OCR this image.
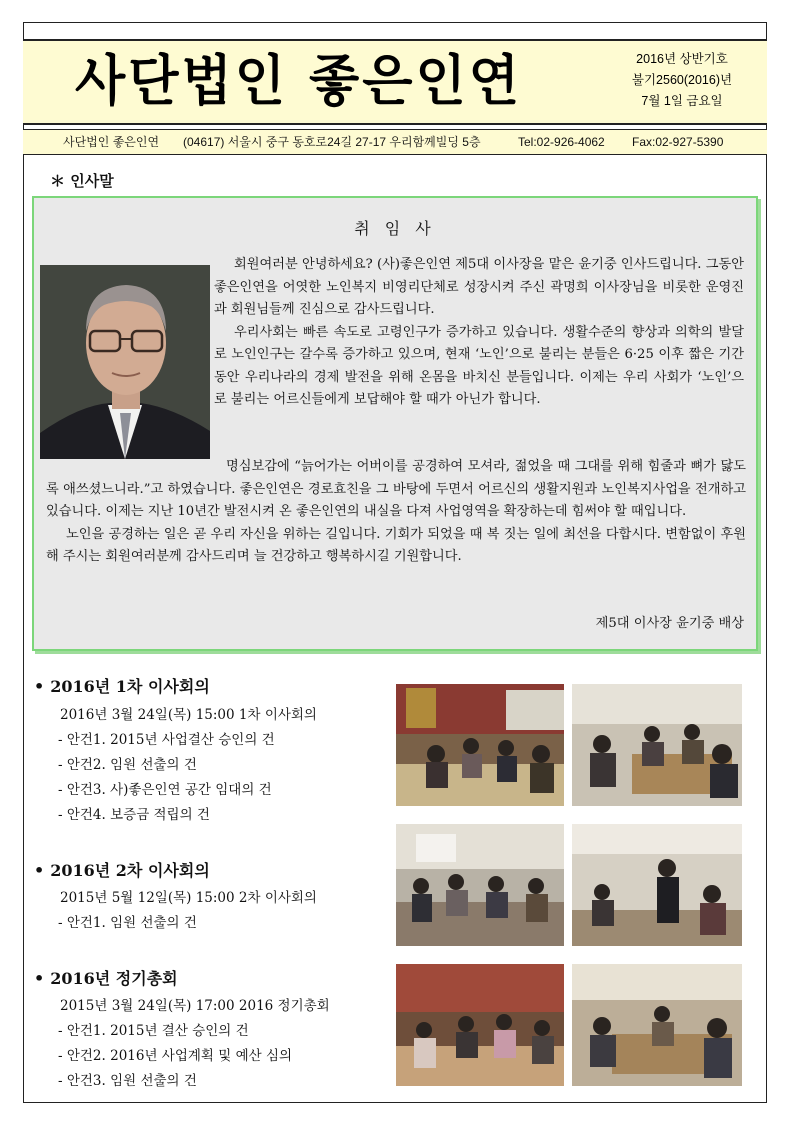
사단법인 좋은인연	2016년 상반기호
불기2560(2016)년
7월 1일 금요일
사단법인 좋은인연 (04617) 서울시 중구 동호로24길 27-17 우리함께빌딩 5층	Tel:02-926-4062 Fax:02-927-5390
＊ 인사말
취 임 사

회원여러분 안녕하세요? (사)좋은인연 제5대 이사장을 맡은 윤기중 인사드립니다. 그동안 좋은인연을 어엿한 노인복지 비영리단체로 성장시켜 주신 곽명희 이사장님을 비롯한 운영진과 회원님들께 진심으로 감사드립니다.

우리사회는 빠른 속도로 고령인구가 증가하고 있습니다. 생활수준의 향상과 의학의 발달로 노인인구는 갈수록 증가하고 있으며, 현재 ‘노인’으로 불리는 분들은 6·25 이후 짧은 기간 동안 우리나라의 경제 발전을 위해 온몸을 바치신 분들입니다. 이제는 우리 사회가 ‘노인’으로 불리는 어르신들에게 보답해야 할 때가 아닌가 합니다.

명심보감에 “늙어가는 어버이를 공경하여 모셔라, 젊었을 때 그대를 위해 힘줄과 뼈가 닳도록 애쓰셨느니라.”고 하였습니다. 좋은인연은 경로효친을 그 바탕에 두면서 어르신의 생활지원과 노인복지사업을 전개하고 있습니다. 이제는 지난 10년간 발전시켜 온 좋은인연의 내실을 다져 사업영역을 확장하는데 힘써야 할 때입니다.

노인을 공경하는 일은 곧 우리 자신을 위하는 길입니다. 기회가 되었을 때 복 짓는 일에 최선을 다합시다. 변함없이 후원해 주시는 회원여러분께 감사드리며 늘 건강하고 행복하시길 기원합니다.

제5대 이사장 윤기중 배상
• 2016년 1차 이사회의
2016년 3월 24일(목) 15:00 1차 이사회의
- 안건1. 2015년 사업결산 승인의 건
- 안건2. 임원 선출의 건
- 안건3. 사)좋은인연 공간 임대의 건
- 안건4. 보증금 적립의 건
• 2016년 2차 이사회의
2015년 5월 12일(목) 15:00 2차 이사회의
- 안건1. 임원 선출의 건
• 2016년 정기총회
2015년 3월 24일(목) 17:00 2016 정기총회
- 안건1. 2015년 결산 승인의 건
- 안건2. 2016년 사업계획 및 예산 심의
- 안건3. 임원 선출의 건
